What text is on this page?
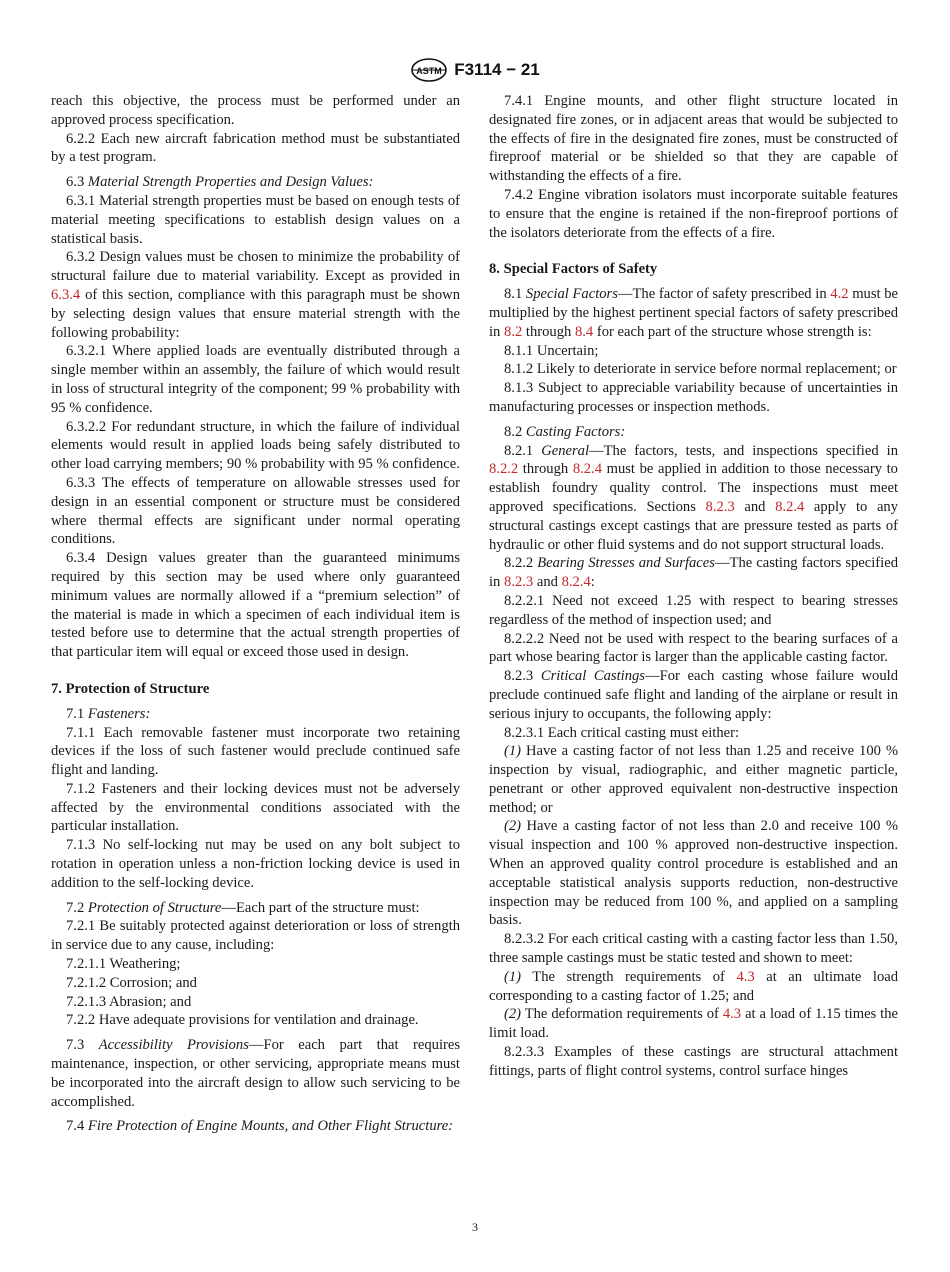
ASTM F3114 − 21

reach this objective, the process must be performed under an approved process specification.

6.2.2 Each new aircraft fabrication method must be substantiated by a test program.

6.3 Material Strength Properties and Design Values:

6.3.1 Material strength properties must be based on enough tests of material meeting specifications to establish design values on a statistical basis.

6.3.2 Design values must be chosen to minimize the probability of structural failure due to material variability. Except as provided in 6.3.4 of this section, compliance with this paragraph must be shown by selecting design values that ensure material strength with the following probability:

6.3.2.1 Where applied loads are eventually distributed through a single member within an assembly, the failure of which would result in loss of structural integrity of the component; 99 % probability with 95 % confidence.

6.3.2.2 For redundant structure, in which the failure of individual elements would result in applied loads being safely distributed to other load carrying members; 90 % probability with 95 % confidence.

6.3.3 The effects of temperature on allowable stresses used for design in an essential component or structure must be considered where thermal effects are significant under normal operating conditions.

6.3.4 Design values greater than the guaranteed minimums required by this section may be used where only guaranteed minimum values are normally allowed if a “premium selection” of the material is made in which a specimen of each individual item is tested before use to determine that the actual strength properties of that particular item will equal or exceed those used in design.

7. Protection of Structure

7.1 Fasteners:

7.1.1 Each removable fastener must incorporate two retaining devices if the loss of such fastener would preclude continued safe flight and landing.

7.1.2 Fasteners and their locking devices must not be adversely affected by the environmental conditions associated with the particular installation.

7.1.3 No self-locking nut may be used on any bolt subject to rotation in operation unless a non-friction locking device is used in addition to the self-locking device.

7.2 Protection of Structure—Each part of the structure must:

7.2.1 Be suitably protected against deterioration or loss of strength in service due to any cause, including:

7.2.1.1 Weathering;

7.2.1.2 Corrosion; and

7.2.1.3 Abrasion; and

7.2.2 Have adequate provisions for ventilation and drainage.

7.3 Accessibility Provisions—For each part that requires maintenance, inspection, or other servicing, appropriate means must be incorporated into the aircraft design to allow such servicing to be accomplished.

7.4 Fire Protection of Engine Mounts, and Other Flight Structure:

7.4.1 Engine mounts, and other flight structure located in designated fire zones, or in adjacent areas that would be subjected to the effects of fire in the designated fire zones, must be constructed of fireproof material or be shielded so that they are capable of withstanding the effects of a fire.

7.4.2 Engine vibration isolators must incorporate suitable features to ensure that the engine is retained if the non-fireproof portions of the isolators deteriorate from the effects of a fire.

8. Special Factors of Safety

8.1 Special Factors—The factor of safety prescribed in 4.2 must be multiplied by the highest pertinent special factors of safety prescribed in 8.2 through 8.4 for each part of the structure whose strength is:

8.1.1 Uncertain;

8.1.2 Likely to deteriorate in service before normal replacement; or

8.1.3 Subject to appreciable variability because of uncertainties in manufacturing processes or inspection methods.

8.2 Casting Factors:

8.2.1 General—The factors, tests, and inspections specified in 8.2.2 through 8.2.4 must be applied in addition to those necessary to establish foundry quality control. The inspections must meet approved specifications. Sections 8.2.3 and 8.2.4 apply to any structural castings except castings that are pressure tested as parts of hydraulic or other fluid systems and do not support structural loads.

8.2.2 Bearing Stresses and Surfaces—The casting factors specified in 8.2.3 and 8.2.4:

8.2.2.1 Need not exceed 1.25 with respect to bearing stresses regardless of the method of inspection used; and

8.2.2.2 Need not be used with respect to the bearing surfaces of a part whose bearing factor is larger than the applicable casting factor.

8.2.3 Critical Castings—For each casting whose failure would preclude continued safe flight and landing of the airplane or result in serious injury to occupants, the following apply:

8.2.3.1 Each critical casting must either:

(1) Have a casting factor of not less than 1.25 and receive 100 % inspection by visual, radiographic, and either magnetic particle, penetrant or other approved equivalent non-destructive inspection method; or

(2) Have a casting factor of not less than 2.0 and receive 100 % visual inspection and 100 % approved non-destructive inspection. When an approved quality control procedure is established and an acceptable statistical analysis supports reduction, non-destructive inspection may be reduced from 100 %, and applied on a sampling basis.

8.2.3.2 For each critical casting with a casting factor less than 1.50, three sample castings must be static tested and shown to meet:

(1) The strength requirements of 4.3 at an ultimate load corresponding to a casting factor of 1.25; and

(2) The deformation requirements of 4.3 at a load of 1.15 times the limit load.

8.2.3.3 Examples of these castings are structural attachment fittings, parts of flight control systems, control surface hinges

3
